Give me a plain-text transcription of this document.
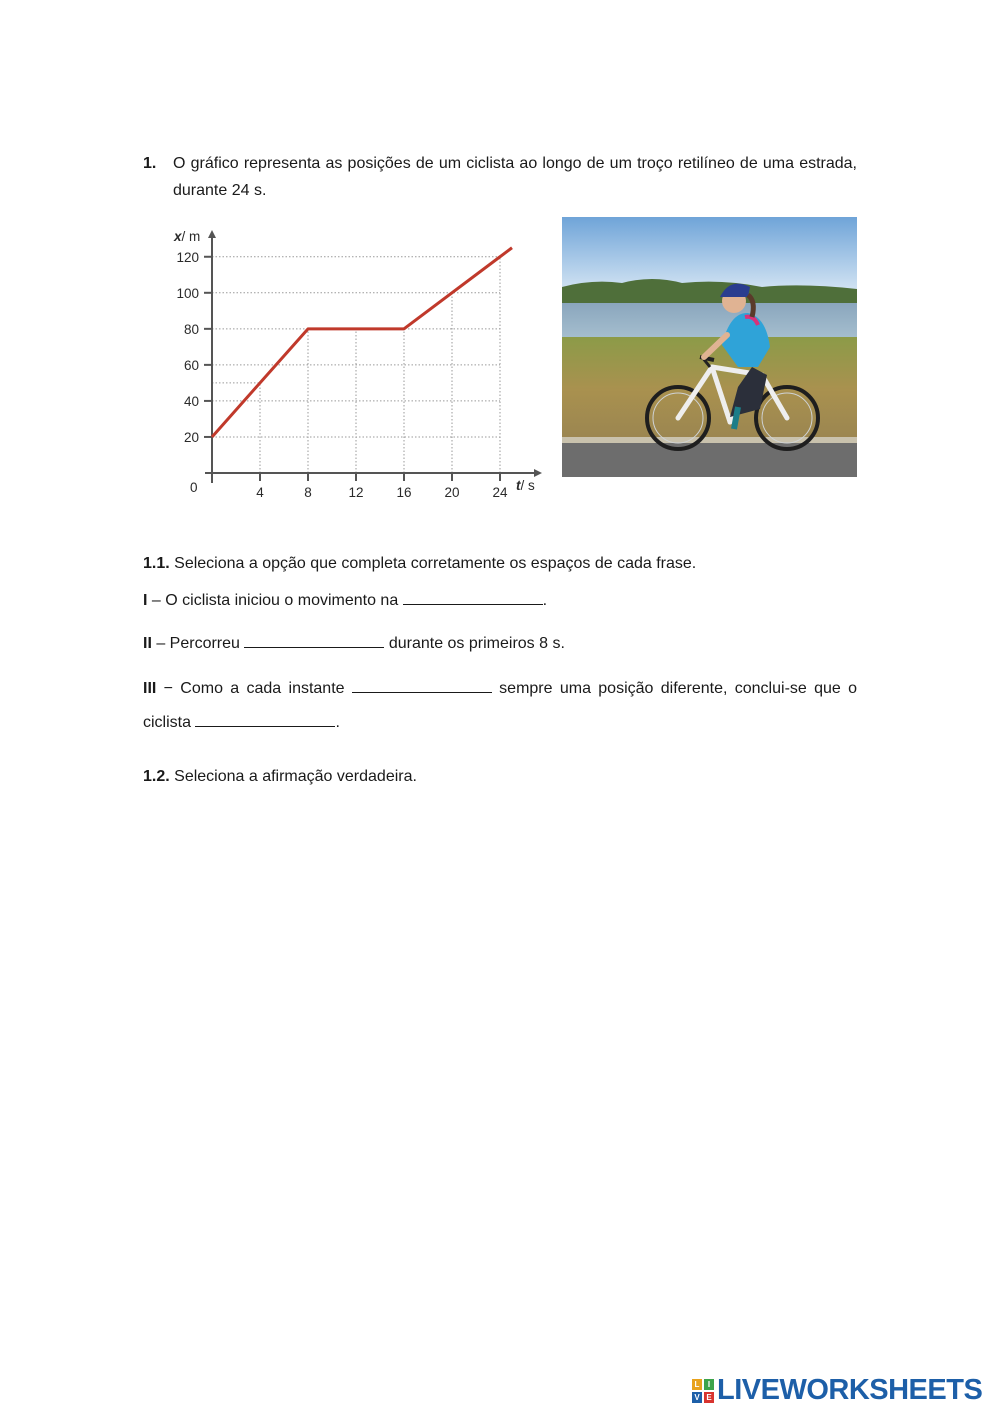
1. O gráfico representa as posições de um ciclista ao longo de um troço retilíneo de uma estrada, durante 24 s.
20
40
60
80
100
120
4	8	12 16 20 24
0
x/ m
t/ s
1.1. Seleciona a opção que completa corretamente os espaços de cada frase.
I – O ciclista iniciou o movimento na	.
II – Percorreu	durante os primeiros 8 s.
III − Como a cada instante	sempre uma posição diferente, conclui-se que o
ciclista	.
1.2. Seleciona a afirmação verdadeira.
L	I
V E LIVEWORKSHEETS
